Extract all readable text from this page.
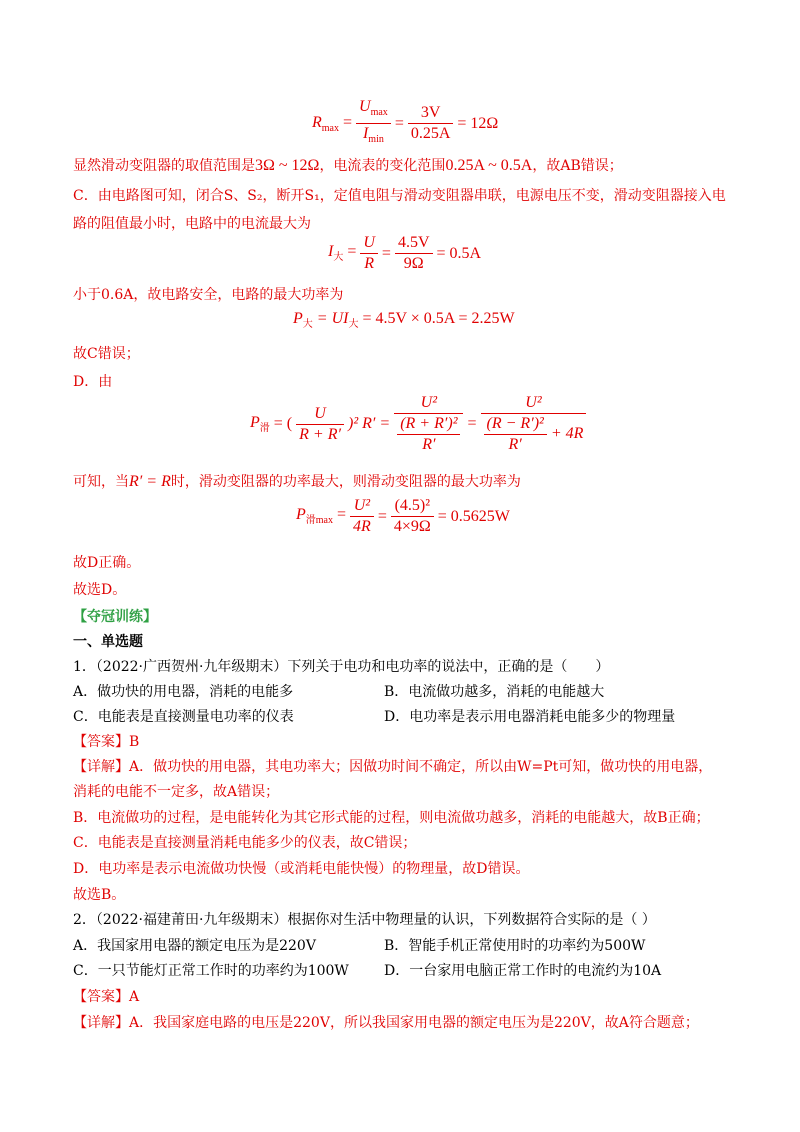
$R_{max} = \frac{U_{max}}{I_{min}} = \frac{3V}{0.25A} = 12\Omega$
显然滑动变阻器的取值范围是3Ω ~ 12Ω，电流表的变化范围0.25A ~ 0.5A，故AB错误；
C．由电路图可知，闭合S、S₂，断开S₁，定值电阻与滑动变阻器串联，电源电压不变，滑动变阻器接入电
路的阻值最小时，电路中的电流最大为
$I_大 = \frac{U}{R} = \frac{4.5V}{9\Omega} = 0.5A$
小于0.6A，故电路安全，电路的最大功率为
$P_大 = UI_大 = 4.5V \times 0.5A = 2.25W$
故C错误；
D．由
$P_滑$ = ( $\frac{U}{R + R'} )^2$ $R' = \frac{\text{U²}}{\frac{\text{(R + R′)²}}{R'}} = \frac{\text{U²}}{\frac{\text{(R − R′)²}}{R'} + 4R}$
可知，当R′ = R时，滑动变阻器的功率最大，则滑动变阻器的最大功率为
$P_{滑max} = \frac{\text{U²}}{4R} = \frac{\text{(4.5)²}}{4\times 9\Omega} = 0.5625W$
故D正确。
故选D。
【夺冠训练】
一、单选题
1．（2022·广西贺州·九年级期末）下列关于电功和电功率的说法中，正确的是（　　）
A．做功快的用电器，消耗的电能多	B．电流做功越多，消耗的电能越大
C．电能表是直接测量电功率的仪表	D．电功率是表示用电器消耗电能多少的物理量
【答案】B
【详解】A．做功快的用电器，其电功率大；因做功时间不确定，所以由W=Pt可知，做功快的用电器，
消耗的电能不一定多，故A错误；
B．电流做功的过程，是电能转化为其它形式能的过程，则电流做功越多，消耗的电能越大，故B正确；
C．电能表是直接测量消耗电能多少的仪表，故C错误；
D．电功率是表示电流做功快慢（或消耗电能快慢）的物理量，故D错误。
故选B。
2．（2022·福建莆田·九年级期末）根据你对生活中物理量的认识，下列数据符合实际的是（ ）
A．我国家用电器的额定电压为是220V	B．智能手机正常使用时的功率约为500W
C．一只节能灯正常工作时的功率约为100W	D．一台家用电脑正常工作时的电流约为10A
【答案】A
【详解】A．我国家庭电路的电压是220V，所以我国家用电器的额定电压为是220V，故A符合题意；
